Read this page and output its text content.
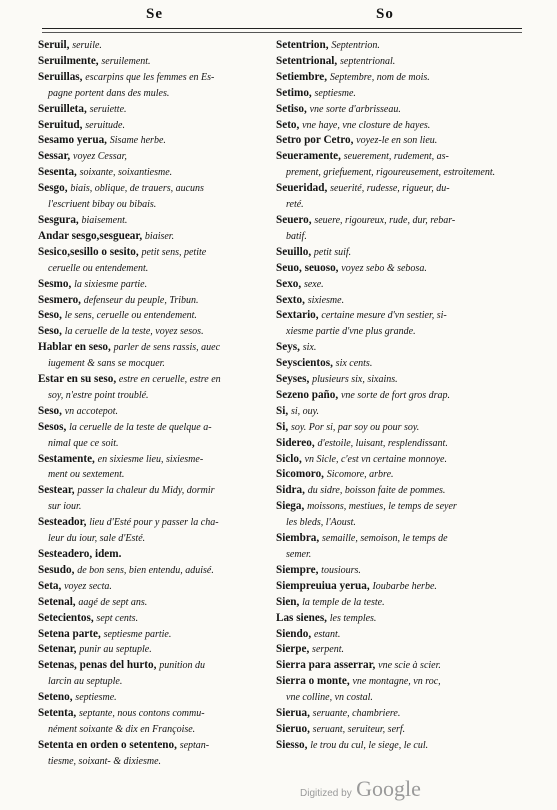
Se	So
Seruil, seruile.
Seruilmente, seruilement.
Seruillas, escarpins que les femmes en Es-
pagne portent dans des mules.
Seruilleta, seruiette.
Seruitud, seruitude.
Sesamo yerua, Sisame herbe.
Sessar, voyez Cessar,
Sesenta, soixante, soixantiesme.
Sesgo, biais, oblique, de trauers, aucuns
l'escriuent bibay ou bibais.
Sesgura, biaisement.
Andar sesgo,sesguear, biaiser.
Sesico,sesillo o sesito, petit sens, petite
ceruelle ou entendement.
Sesmo, la sixiesme partie.
Sesmero, defenseur du peuple, Tribun.
Seso, le sens, ceruelle ou entendement.
Seso, la ceruelle de la teste, voyez sesos.
Hablar en seso, parler de sens rassis, auec
iugement & sans se mocquer.
Estar en su seso, estre en ceruelle, estre en
soy, n'estre point troublé.
Seso, vn accotepot.
Sesos, la ceruelle de la teste de quelque a-
nimal que ce soit.
Sestamente, en sixiesme lieu, sixiesme-
ment ou sextement.
Sestear, passer la chaleur du Midy, dormir
sur iour.
Sesteador, lieu d'Esté pour y passer la cha-
leur du iour, sale d'Esté.
Sesteadero, idem.
Sesudo, de bon sens, bien entendu, aduisé.
Seta, voyez secta.
Setenal, aagé de sept ans.
Setecientos, sept cents.
Setena parte, septiesme partie.
Setenar, punir au septuple.
Setenas, penas del hurto, punition du
larcin au septuple.
Seteno, septiesme.
Setenta, septante, nous contons commu-
nément soixante & dix en Françoise.
Setenta en orden o setenteno, septan-
tiesme, soixant- & dixiesme.
Setentrion, Septentrion.
Setentrional, septentrional.
Setiembre, Septembre, nom de mois.
Setimo, septiesme.
Setiso, vne sorte d'arbrisseau.
Seto, vne haye, vne closture de hayes.
Setro por Cetro, voyez-le en son lieu.
Seueramente, seuerement, rudement, as-
prement, griefuement, rigoureusement, estroitement.
Seueridad, seuerité, rudesse, rigueur, du-
reté.
Seuero, seuere, rigoureux, rude, dur, rebar-
batif.
Seuillo, petit suif.
Seuo, seuoso, voyez sebo & sebosa.
Sexo, sexe.
Sexto, sixiesme.
Sextario, certaine mesure d'vn sestier, si-
xiesme partie d'vne plus grande.
Seys, six.
Seyscientos, six cents.
Seyses, plusieurs six, sixains.
Sezeno paño, vne sorte de fort gros drap.
Si, si, ouy.
Si, soy. Por si, par soy ou pour soy.
Sidereo, d'estoile, luisant, resplendissant.
Siclo, vn Sicle, c'est vn certaine monnoye.
Sicomoro, Sicomore, arbre.
Sidra, du sidre, boisson faite de pommes.
Siega, moissons, mestiues, le temps de seyer
les bleds, l'Aoust.
Siembra, semaille, semoison, le temps de
semer.
Siempre, tousiours.
Siempreuiua yerua, Ioubarbe herbe.
Sien, la temple de la teste.
Las sienes, les temples.
Siendo, estant.
Sierpe, serpent.
Sierra para asserrar, vne scie à scier.
Sierra o monte, vne montagne, vn roc,
vne colline, vn costal.
Sierua, seruante, chambriere.
Sieruo, seruant, seruiteur, serf.
Siesso, le trou du cul, le siege, le cul.
Digitized by Google
